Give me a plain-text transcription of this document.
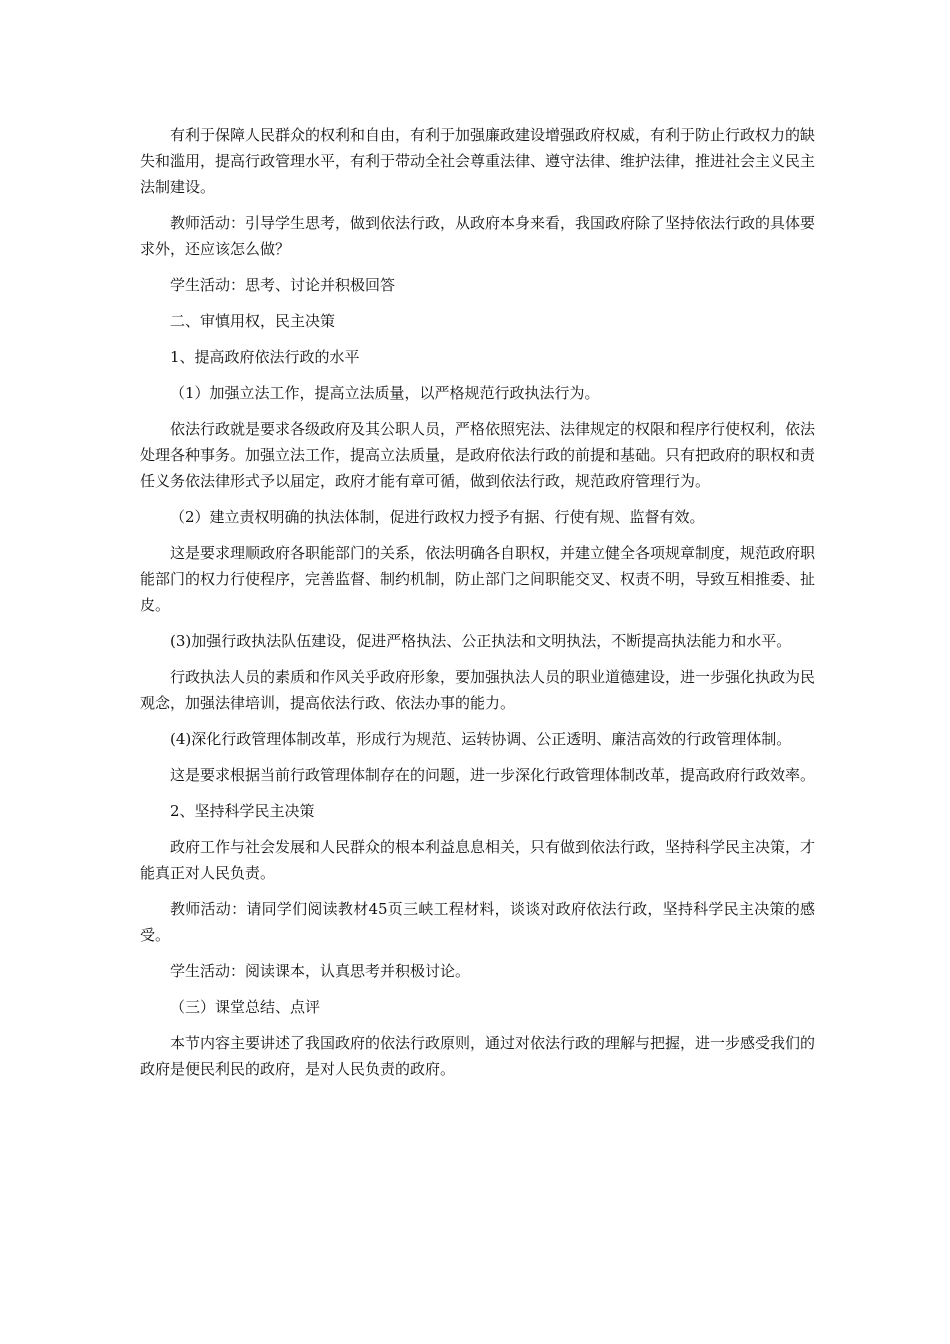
有利于保障人民群众的权利和自由，有利于加强廉政建设增强政府权威，有利于防止行政权力的缺失和滥用，提高行政管理水平，有利于带动全社会尊重法律、遵守法律、维护法律，推进社会主义民主法制建设。

教师活动：引导学生思考，做到依法行政，从政府本身来看，我国政府除了坚持依法行政的具体要求外，还应该怎么做？

学生活动：思考、讨论并积极回答

二、审慎用权，民主决策

1、提高政府依法行政的水平

（1）加强立法工作，提高立法质量，以严格规范行政执法行为。

依法行政就是要求各级政府及其公职人员，严格依照宪法、法律规定的权限和程序行使权利，依法处理各种事务。加强立法工作，提高立法质量，是政府依法行政的前提和基础。只有把政府的职权和责任义务依法律形式予以届定，政府才能有章可循，做到依法行政，规范政府管理行为。

（2）建立责权明确的执法体制，促进行政权力授予有据、行使有规、监督有效。

这是要求理顺政府各职能部门的关系，依法明确各自职权，并建立健全各项规章制度，规范政府职能部门的权力行使程序，完善监督、制约机制，防止部门之间职能交叉、权责不明，导致互相推委、扯皮。

(3)加强行政执法队伍建设，促进严格执法、公正执法和文明执法，不断提高执法能力和水平。

行政执法人员的素质和作风关乎政府形象，要加强执法人员的职业道德建设，进一步强化执政为民观念，加强法律培训，提高依法行政、依法办事的能力。

(4)深化行政管理体制改革，形成行为规范、运转协调、公正透明、廉洁高效的行政管理体制。

这是要求根据当前行政管理体制存在的问题，进一步深化行政管理体制改革，提高政府行政效率。

2、坚持科学民主决策

政府工作与社会发展和人民群众的根本利益息息相关，只有做到依法行政，坚持科学民主决策，才能真正对人民负责。

教师活动：请同学们阅读教材45页三峡工程材料，谈谈对政府依法行政，坚持科学民主决策的感受。

学生活动：阅读课本，认真思考并积极讨论。

（三）课堂总结、点评

本节内容主要讲述了我国政府的依法行政原则，通过对依法行政的理解与把握，进一步感受我们的政府是便民利民的政府，是对人民负责的政府。
